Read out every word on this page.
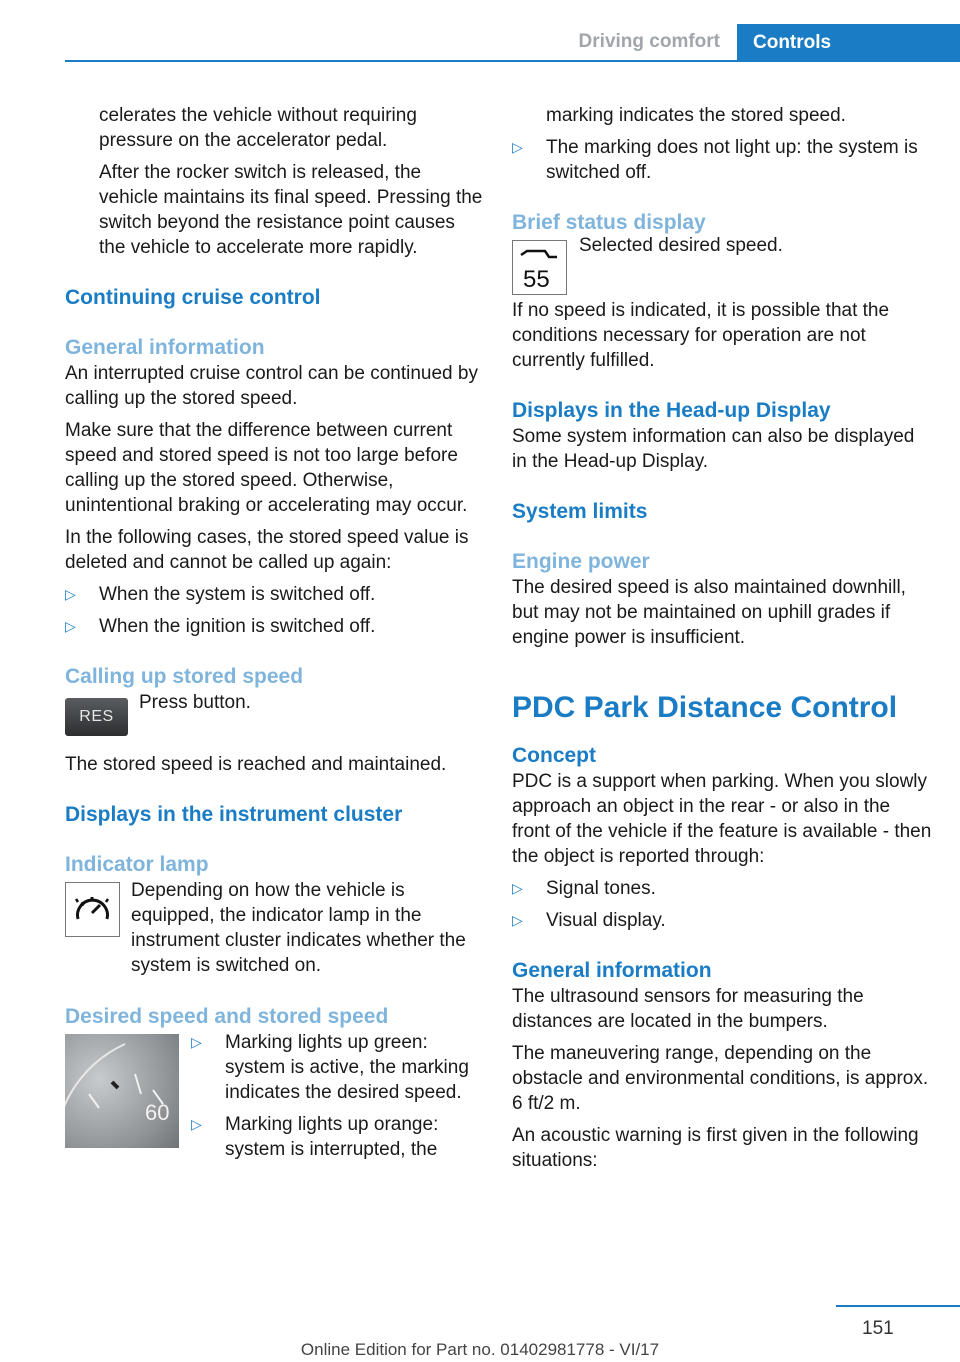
Driving comfort	Controls

celerates the vehicle without requiring pressure on the accelerator pedal.

After the rocker switch is released, the vehicle maintains its final speed. Pressing the switch beyond the resistance point causes the vehicle to accelerate more rapidly.

Continuing cruise control
General information

An interrupted cruise control can be continued by calling up the stored speed.

Make sure that the difference between current speed and stored speed is not too large before calling up the stored speed. Otherwise, unintentional braking or accelerating may occur.

In the following cases, the stored speed value is deleted and cannot be called up again:

▷ When the system is switched off.
▷ When the ignition is switched off.
Calling up stored speed
RES

Press button.

The stored speed is reached and maintained.

Displays in the instrument cluster
Indicator lamp

Depending on how the vehicle is equipped, the indicator lamp in the instrument cluster indicates whether the system is switched on.

Desired speed and stored speed
60
▷ Marking lights up green: system is active, the marking indicates the desired speed.
▷ Marking lights up orange: system is interrupted, the

marking indicates the stored speed.

▷ The marking does not light up: the system is switched off.
Brief status display
55

Selected desired speed.

If no speed is indicated, it is possible that the conditions necessary for operation are not currently fulfilled.

Displays in the Head-up Display

Some system information can also be displayed in the Head-up Display.

System limits
Engine power

The desired speed is also maintained downhill, but may not be maintained on uphill grades if engine power is insufficient.

PDC Park Distance Control
Concept

PDC is a support when parking. When you slowly approach an object in the rear - or also in the front of the vehicle if the feature is available - then the object is reported through:

▷ Signal tones.
▷ Visual display.
General information

The ultrasound sensors for measuring the distances are located in the bumpers.

The maneuvering range, depending on the obstacle and environmental conditions, is approx. 6 ft/2 m.

An acoustic warning is first given in the following situations:

151
Online Edition for Part no. 01402981778 - VI/17
